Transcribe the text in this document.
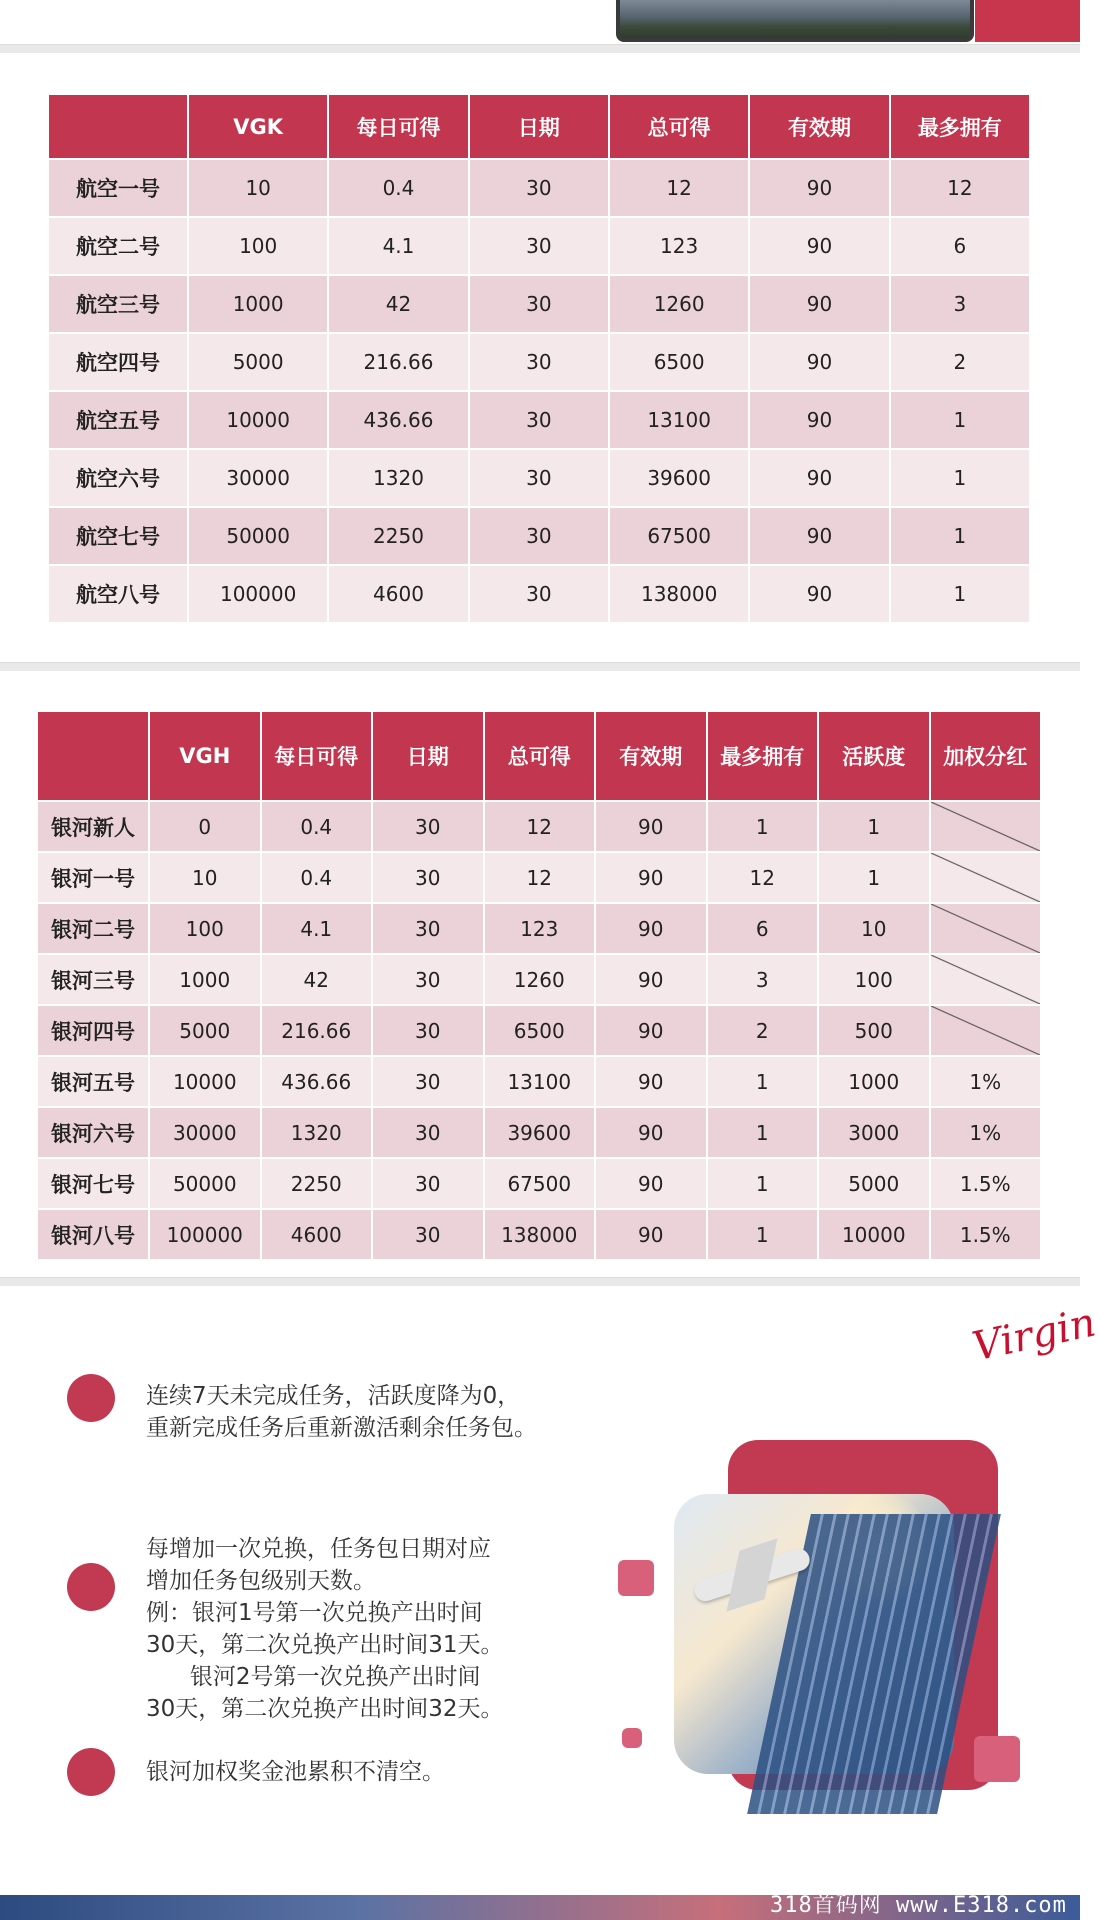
	VGK	每日可得	日期	总可得	有效期	最多拥有
航空一号	10	0.4	30	12	90	12
航空二号	100	4.1	30	123	90	6
航空三号	1000	42	30	1260	90	3
航空四号	5000	216.66	30	6500	90	2
航空五号	10000	436.66	30	13100	90	1
航空六号	30000	1320	30	39600	90	1
航空七号	50000	2250	30	67500	90	1
航空八号	100000	4600	30	138000	90	1
	VGH	每日可得	日期	总可得	有效期	最多拥有	活跃度	加权分红
银河新人	0	0.4	30	12	90	1	1	
银河一号	10	0.4	30	12	90	12	1	
银河二号	100	4.1	30	123	90	6	10	
银河三号	1000	42	30	1260	90	3	100	
银河四号	5000	216.66	30	6500	90	2	500	
银河五号	10000	436.66	30	13100	90	1	1000	1%
银河六号	30000	1320	30	39600	90	1	3000	1%
银河七号	50000	2250	30	67500	90	1	5000	1.5%
银河八号	100000	4600	30	138000	90	1	10000	1.5%
Virgin
连续7天未完成任务，活跃度降为0，
重新完成任务后重新激活剩余任务包。
每增加一次兑换，任务包日期对应
增加任务包级别天数。
例：银河1号第一次兑换产出时间
30天，第二次兑换产出时间31天。
银河2号第一次兑换产出时间
30天，第二次兑换产出时间32天。
银河加权奖金池累积不清空。
318首码网 www.E318.com
